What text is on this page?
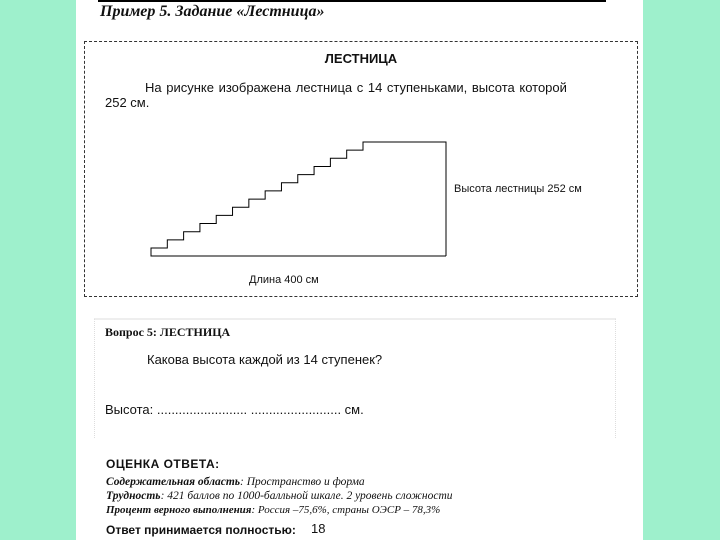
Пример 5. Задание «Лестница»
ЛЕСТНИЦА
На рисунке изображена лестница с 14 ступеньками, высота которой
252 см.
Высота лестницы 252 см
Длина 400 см
Вопрос 5: ЛЕСТНИЦА
Какова высота каждой из 14 ступенек?
Высота: ......................... ......................... см.
ОЦЕНКА ОТВЕТА:
Содержательная область: Пространство и форма
Трудность: 421 баллов по 1000-балльной шкале. 2 уровень сложности
Процент верного выполнения: Россия –75,6%, страны ОЭСР – 78,3%
Ответ принимается полностью: 18
